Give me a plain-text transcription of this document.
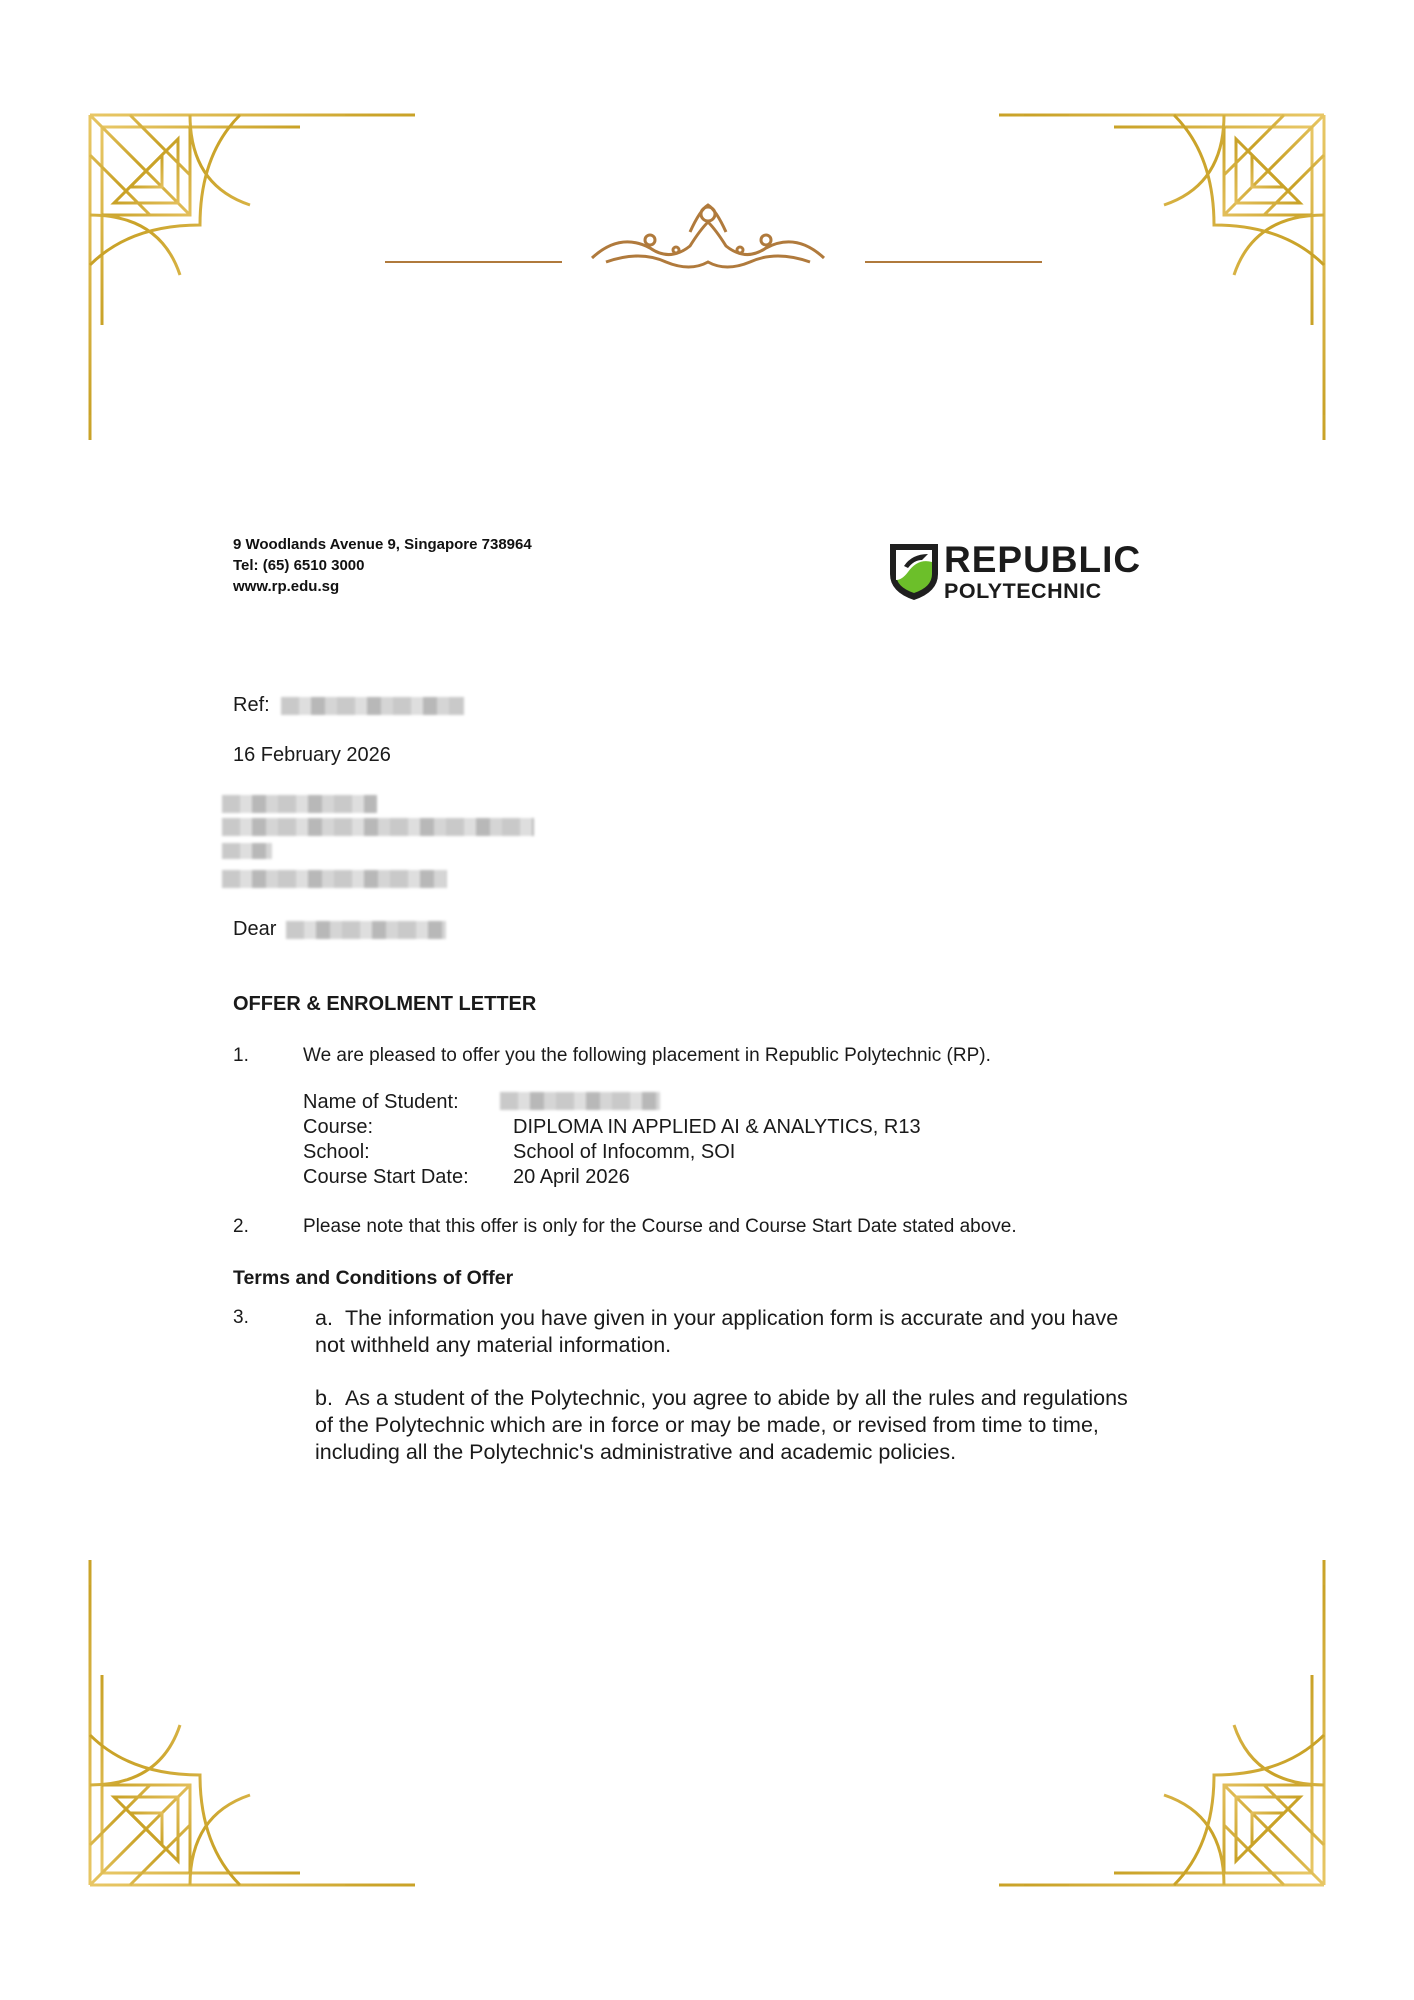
9 Woodlands Avenue 9, Singapore 738964
Tel: (65) 6510 3000
www.rp.edu.sg
REPUBLIC
POLYTECHNIC
Ref:
16 February 2026
Dear
OFFER & ENROLMENT LETTER
1.	We are pleased to offer you the following placement in Republic Polytechnic (RP).
Name of Student:
Course:	DIPLOMA IN APPLIED AI & ANALYTICS, R13
School:	School of Infocomm, SOI
Course Start Date: 20 April 2026
2.	Please note that this offer is only for the Course and Course Start Date stated above.
Terms and Conditions of Offer
3.	a. The information you have given in your application form is accurate and you have not withheld any material information.
b. As a student of the Polytechnic, you agree to abide by all the rules and regulations of the Polytechnic which are in force or may be made, or revised from time to time, including all the Polytechnic's administrative and academic policies.
